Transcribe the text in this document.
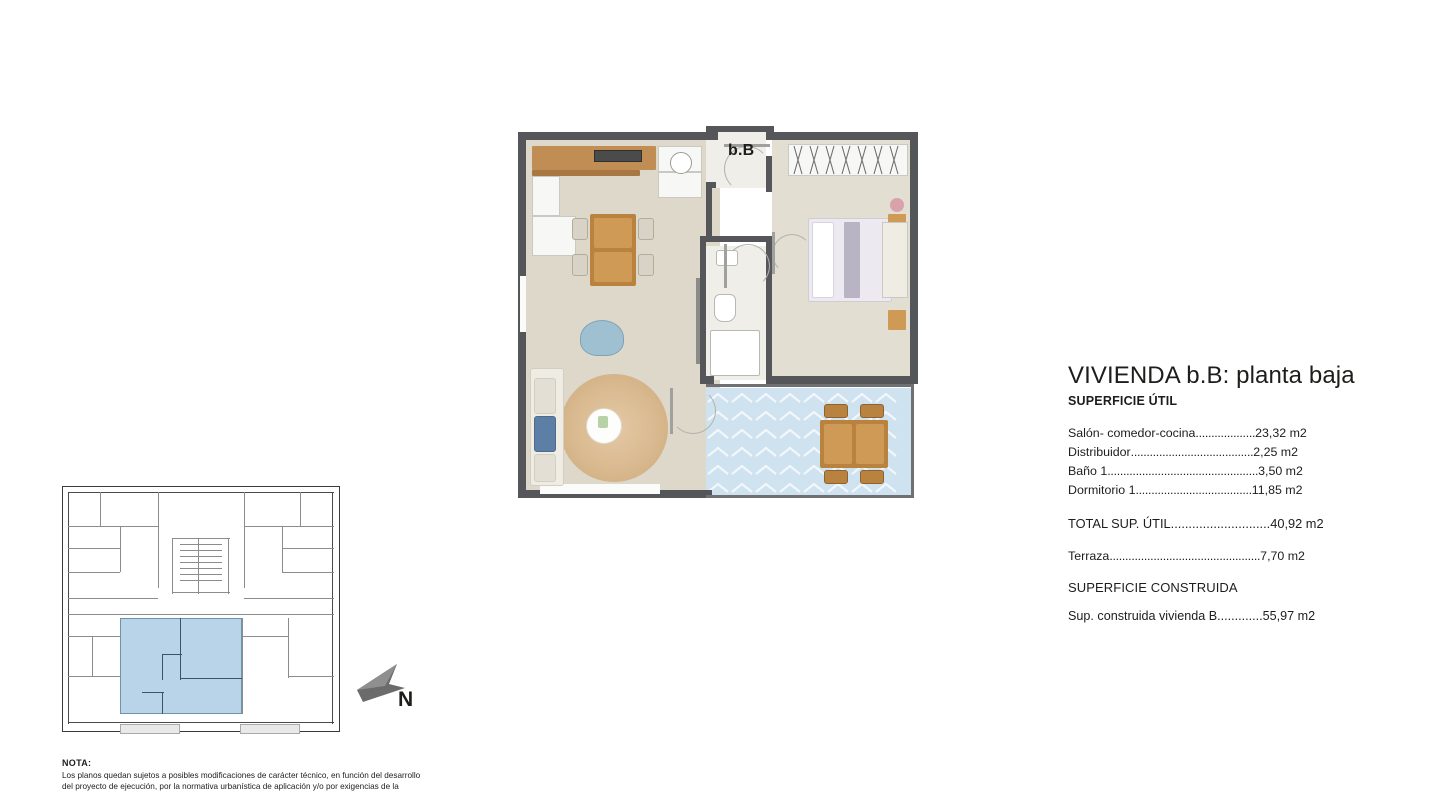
N
NOTA:
Los planos quedan sujetos a posibles modificaciones de carácter técnico, en función del desarrollo
del proyecto de ejecución, por la normativa urbanística de aplicación y/o por exigencias de la
b.B
VIVIENDA b.B: planta baja
SUPERFICIE ÚTIL
Salón- comedor-cocina...................23,32 m2
Distribuidor.......................................2,25 m2
Baño 1................................................3,50 m2
Dormitorio 1.....................................11,85 m2
TOTAL SUP. ÚTIL............................40,92 m2
Terraza................................................7,70 m2
SUPERFICIE CONSTRUIDA
Sup. construida vivienda B.............55,97 m2
